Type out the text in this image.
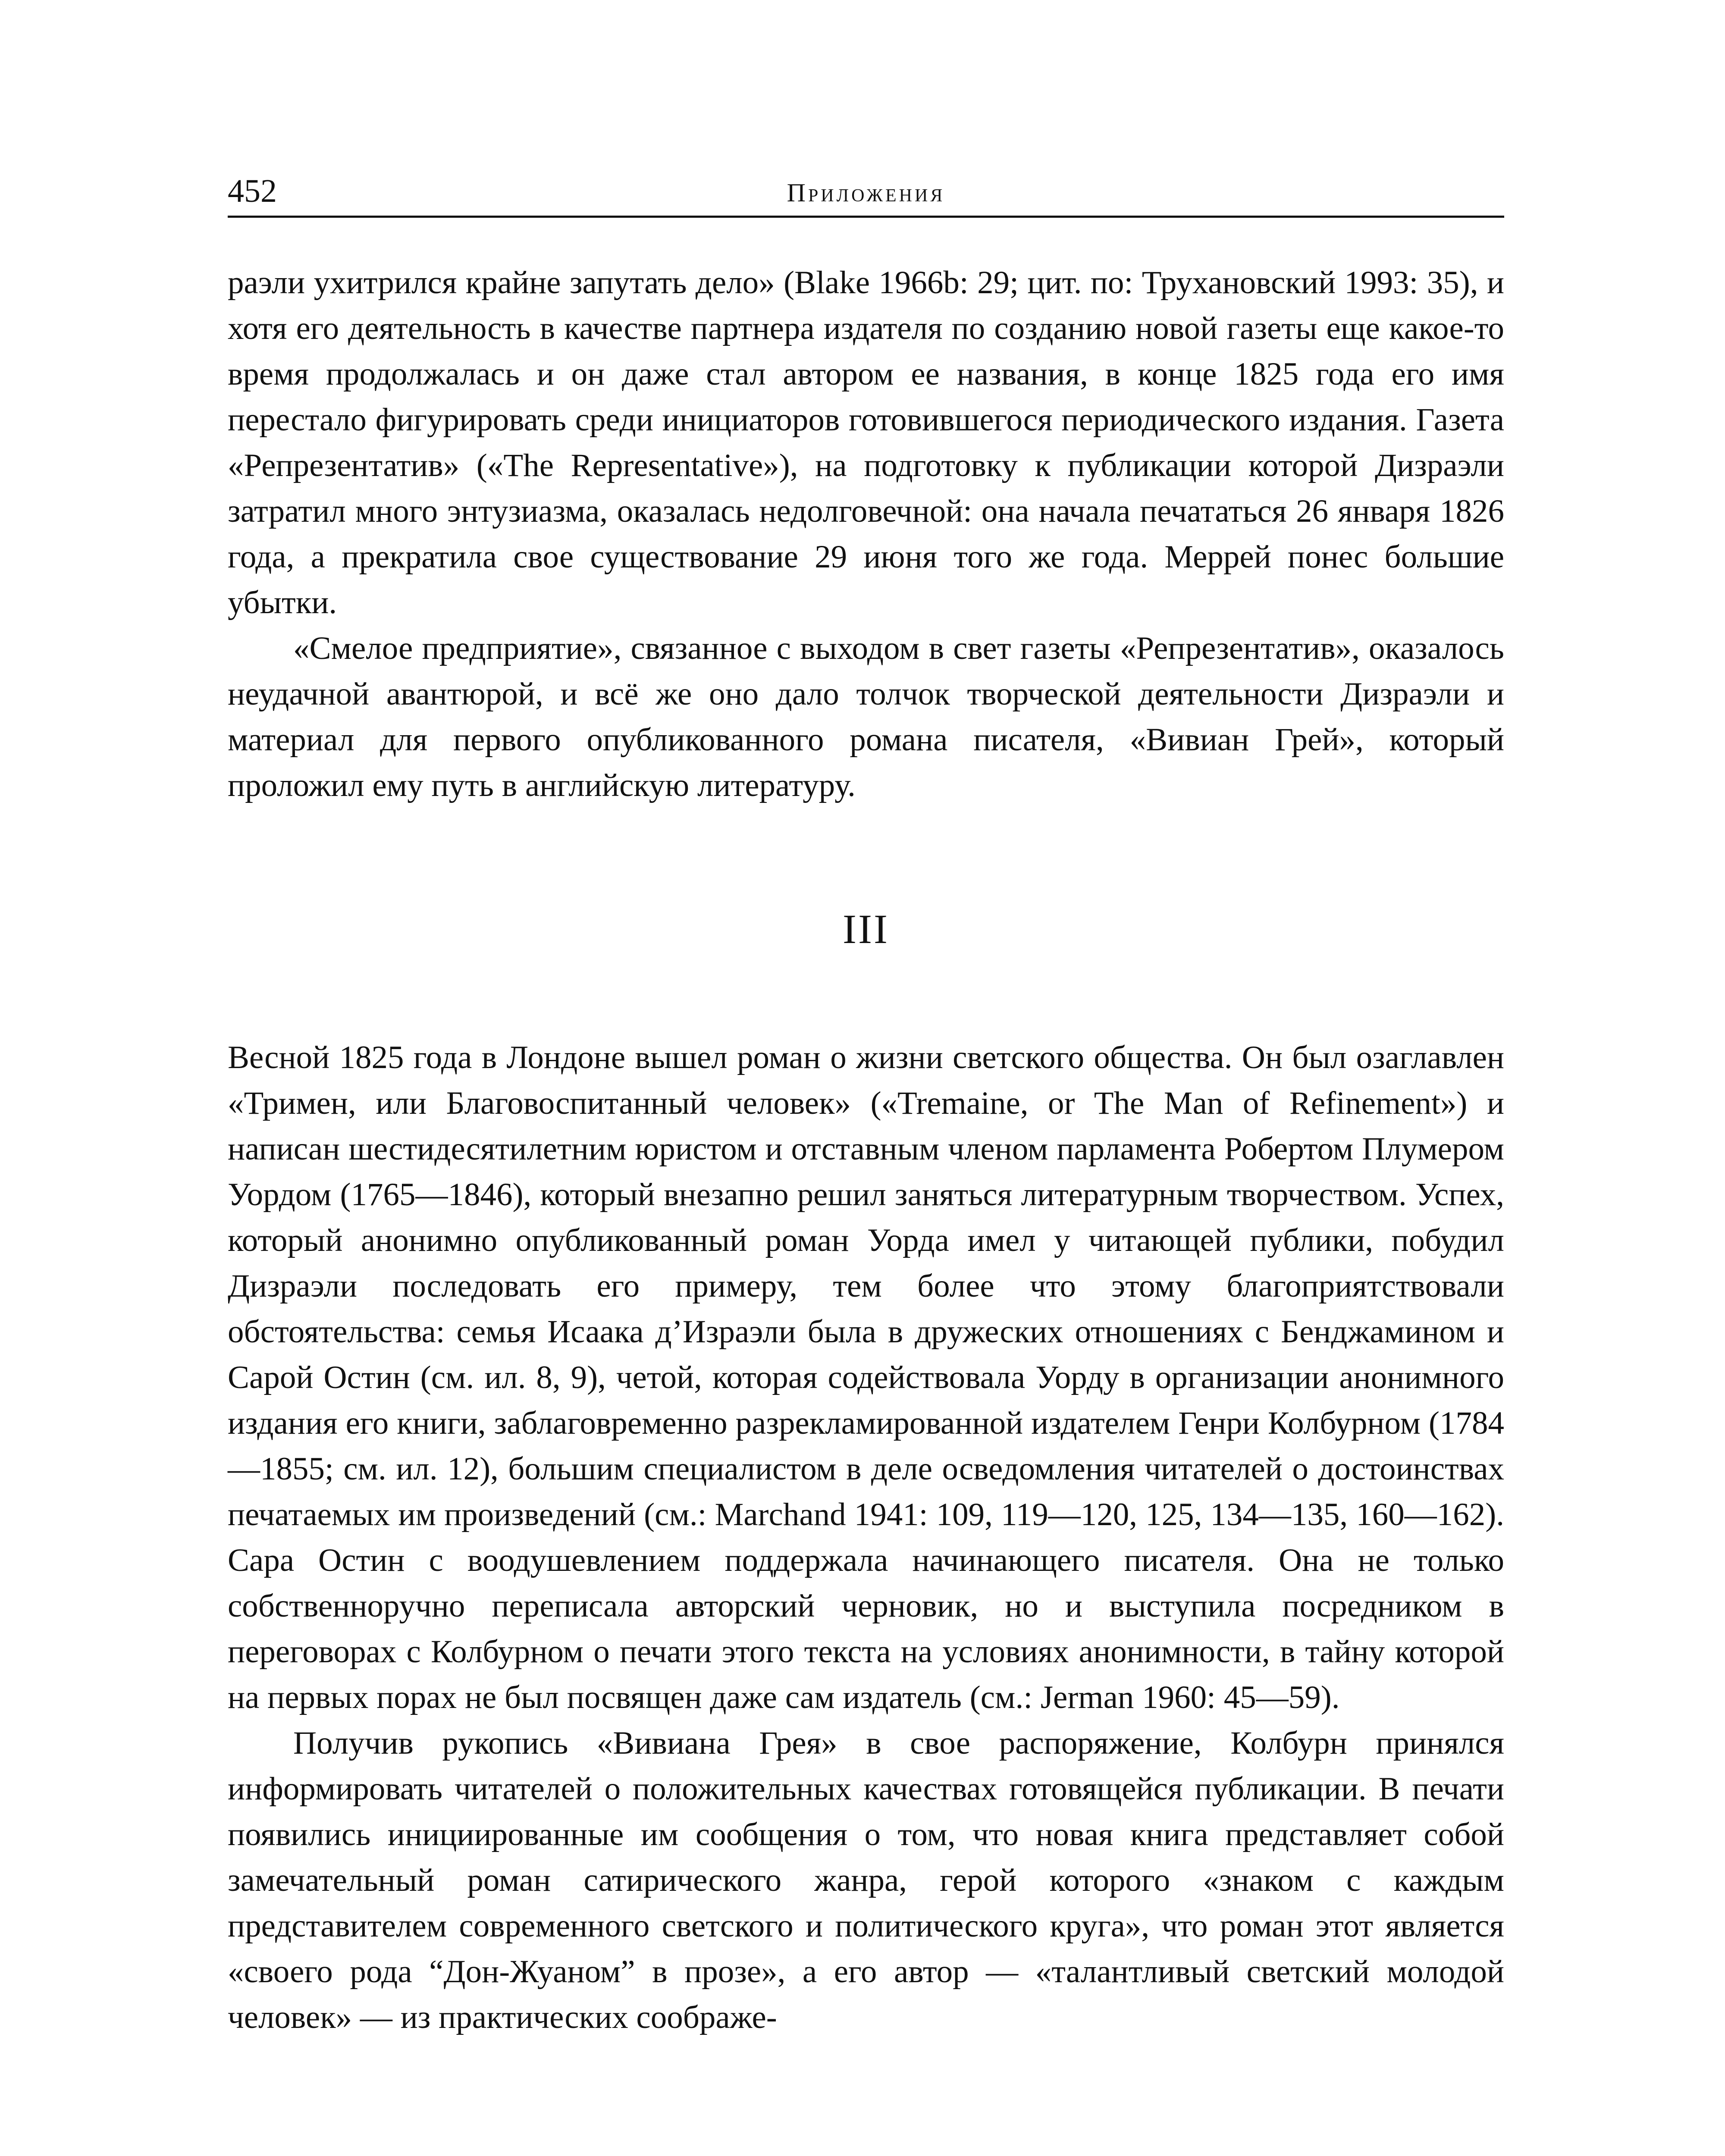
452	Приложения

раэли ухитрился крайне запутать дело» (Blake 1966b: 29; цит. по: Трухановский 1993: 35), и хотя его деятельность в качестве партнера издателя по созданию новой газеты еще какое-то время продолжалась и он даже стал автором ее названия, в конце 1825 года его имя перестало фигурировать среди инициаторов готовившегося периодического издания. Газета «Репрезентатив» («The Representative»), на подготовку к публикации которой Дизраэли затратил много энтузиазма, оказалась недолговечной: она начала печататься 26 января 1826 года, а прекратила свое существование 29 июня того же года. Меррей понес большие убытки.

«Смелое предприятие», связанное с выходом в свет газеты «Репрезентатив», оказалось неудачной авантюрой, и всё же оно дало толчок творческой деятельности Дизраэли и материал для первого опубликованного романа писателя, «Вивиан Грей», который проложил ему путь в английскую литературу.

III

Весной 1825 года в Лондоне вышел роман о жизни светского общества. Он был озаглавлен «Тримен, или Благовоспитанный человек» («Tremaine, or The Man of Refinement») и написан шестидесятилетним юристом и отставным членом парламента Робертом Плумером Уордом (1765—1846), который внезапно решил заняться литературным творчеством. Успех, который анонимно опубликованный роман Уорда имел у читающей публики, побудил Дизраэли последовать его примеру, тем более что этому благоприятствовали обстоятельства: семья Исаака д’Израэли была в дружеских отношениях с Бенджамином и Сарой Остин (см. ил. 8, 9), четой, которая содействовала Уорду в организации анонимного издания его книги, заблаговременно разрекламированной издателем Генри Колбурном (1784—1855; см. ил. 12), большим специалистом в деле осведомления читателей о достоинствах печатаемых им произведений (см.: Marchand 1941: 109, 119—120, 125, 134—135, 160—162). Сара Остин с воодушевлением поддержала начинающего писателя. Она не только собственноручно переписала авторский черновик, но и выступила посредником в переговорах с Колбурном о печати этого текста на условиях анонимности, в тайну которой на первых порах не был посвящен даже сам издатель (см.: Jerman 1960: 45—59).

Получив рукопись «Вивиана Грея» в свое распоряжение, Колбурн принялся информировать читателей о положительных качествах готовящейся публикации. В печати появились инициированные им сообщения о том, что новая книга представляет собой замечательный роман сатирического жанра, герой которого «знаком с каждым представителем современного светского и политического круга», что роман этот является «своего рода “Дон-Жуаном” в прозе», а его автор — «талантливый светский молодой человек» — из практических соображе-
